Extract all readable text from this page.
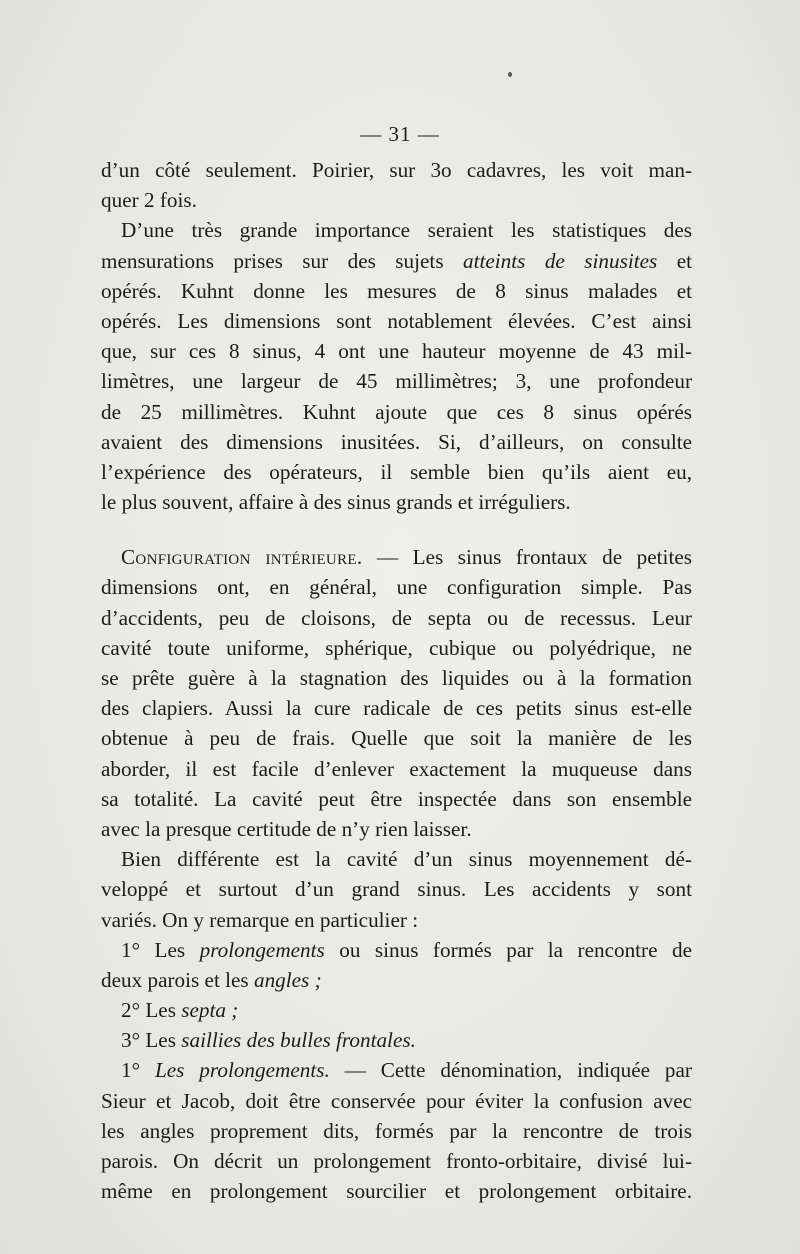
— 31 —
d’un côté seulement. Poirier, sur 3o cadavres, les voit man-
quer 2 fois.
D’une très grande importance seraient les statistiques des
mensurations prises sur des sujets atteints de sinusites et
opérés. Kuhnt donne les mesures de 8 sinus malades et
opérés. Les dimensions sont notablement élevées. C’est ainsi
que, sur ces 8 sinus, 4 ont une hauteur moyenne de 43 mil-
limètres, une largeur de 45 millimètres; 3, une profondeur
de 25 millimètres. Kuhnt ajoute que ces 8 sinus opérés
avaient des dimensions inusitées. Si, d’ailleurs, on consulte
l’expérience des opérateurs, il semble bien qu’ils aient eu,
le plus souvent, affaire à des sinus grands et irréguliers.
Configuration intérieure. — Les sinus frontaux de petites
dimensions ont, en général, une configuration simple. Pas
d’accidents, peu de cloisons, de septa ou de recessus. Leur
cavité toute uniforme, sphérique, cubique ou polyédrique, ne
se prête guère à la stagnation des liquides ou à la formation
des clapiers. Aussi la cure radicale de ces petits sinus est-elle
obtenue à peu de frais. Quelle que soit la manière de les
aborder, il est facile d’enlever exactement la muqueuse dans
sa totalité. La cavité peut être inspectée dans son ensemble
avec la presque certitude de n’y rien laisser.
Bien différente est la cavité d’un sinus moyennement dé-
veloppé et surtout d’un grand sinus. Les accidents y sont
variés. On y remarque en particulier :
1° Les prolongements ou sinus formés par la rencontre de
deux parois et les angles ;
2° Les septa ;
3° Les saillies des bulles frontales.
1° Les prolongements. — Cette dénomination, indiquée par
Sieur et Jacob, doit être conservée pour éviter la confusion avec
les angles proprement dits, formés par la rencontre de trois
parois. On décrit un prolongement fronto-orbitaire, divisé lui-
même en prolongement sourcilier et prolongement orbitaire.
